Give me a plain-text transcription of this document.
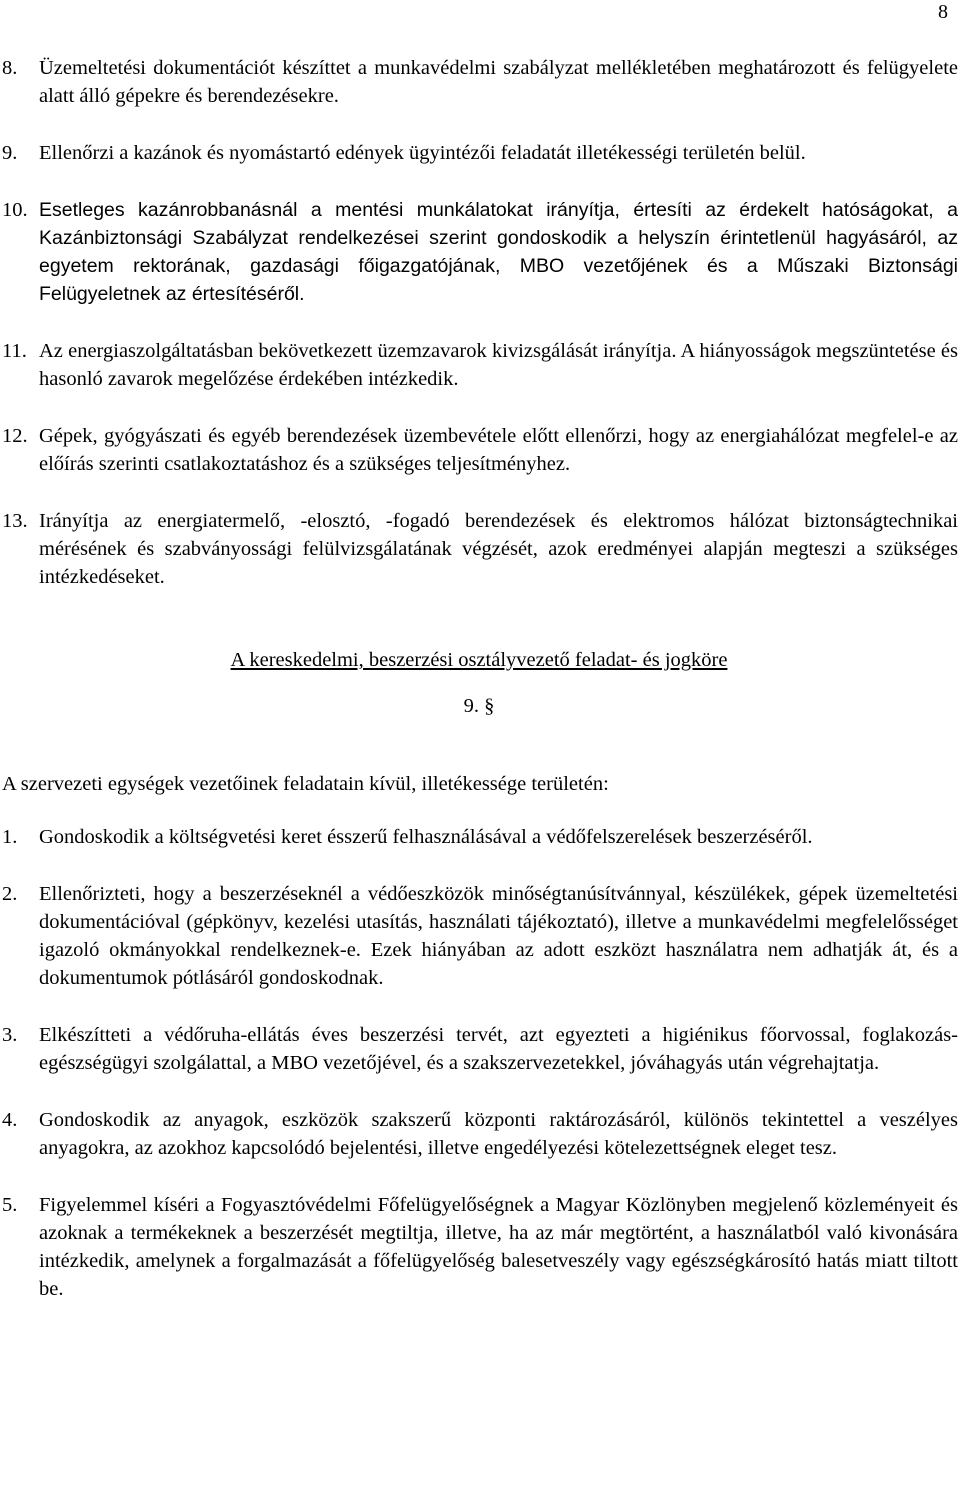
8
8. Üzemeltetési dokumentációt készíttet a munkavédelmi szabályzat mellékletében meghatározott és felügyelete alatt álló gépekre és berendezésekre.
9. Ellenőrzi a kazánok és nyomástartó edények ügyintézői feladatát illetékességi területén belül.
10. Esetleges kazánrobbanásnál a mentési munkálatokat irányítja, értesíti az érdekelt hatóságokat, a Kazánbiztonsági Szabályzat rendelkezései szerint gondoskodik a helyszín érintetlenül hagyásáról, az egyetem rektorának, gazdasági főigazgatójának, MBO vezetőjének és a Műszaki Biztonsági Felügyeletnek az értesítéséről.
11. Az energiaszolgáltatásban bekövetkezett üzemzavarok kivizsgálását irányítja. A hiányosságok megszüntetése és hasonló zavarok megelőzése érdekében intézkedik.
12. Gépek, gyógyászati és egyéb berendezések üzembevétele előtt ellenőrzi, hogy az energiahálózat megfelel-e az előírás szerinti csatlakoztatáshoz és a szükséges teljesítményhez.
13. Irányítja az energiatermelő, -elosztó, -fogadó berendezések és elektromos hálózat biztonságtechnikai mérésének és szabványossági felülvizsgálatának végzését, azok eredményei alapján megteszi a szükséges intézkedéseket.
A kereskedelmi, beszerzési osztályvezető feladat- és jogköre
9. §
A szervezeti egységek vezetőinek feladatain kívül, illetékessége területén:
1. Gondoskodik a költségvetési keret ésszerű felhasználásával a védőfelszerelések beszerzéséről.
2. Ellenőrizteti, hogy a beszerzéseknél a védőeszközök minőségtanúsítvánnyal, készülékek, gépek üzemeltetési dokumentációval (gépkönyv, kezelési utasítás, használati tájékoztató), illetve a munkavédelmi megfelelősséget igazoló okmányokkal rendelkeznek-e. Ezek hiányában az adott eszközt használatra nem adhatják át, és a dokumentumok pótlásáról gondoskodnak.
3. Elkészítteti a védőruha-ellátás éves beszerzési tervét, azt egyezteti a higiénikus főorvossal, foglakozás-egészségügyi szolgálattal, a MBO vezetőjével, és a szakszervezetekkel, jóváhagyás után végrehajtatja.
4. Gondoskodik az anyagok, eszközök szakszerű központi raktározásáról, különös tekintettel a veszélyes anyagokra, az azokhoz kapcsolódó bejelentési, illetve engedélyezési kötelezettségnek eleget tesz.
5. Figyelemmel kíséri a Fogyasztóvédelmi Főfelügyelőségnek a Magyar Közlönyben megjelenő közleményeit és azoknak a termékeknek a beszerzését megtiltja, illetve, ha az már megtörtént, a használatból való kivonására intézkedik, amelynek a forgalmazását a főfelügyelőség balesetveszély vagy egészségkárosító hatás miatt tiltott be.
